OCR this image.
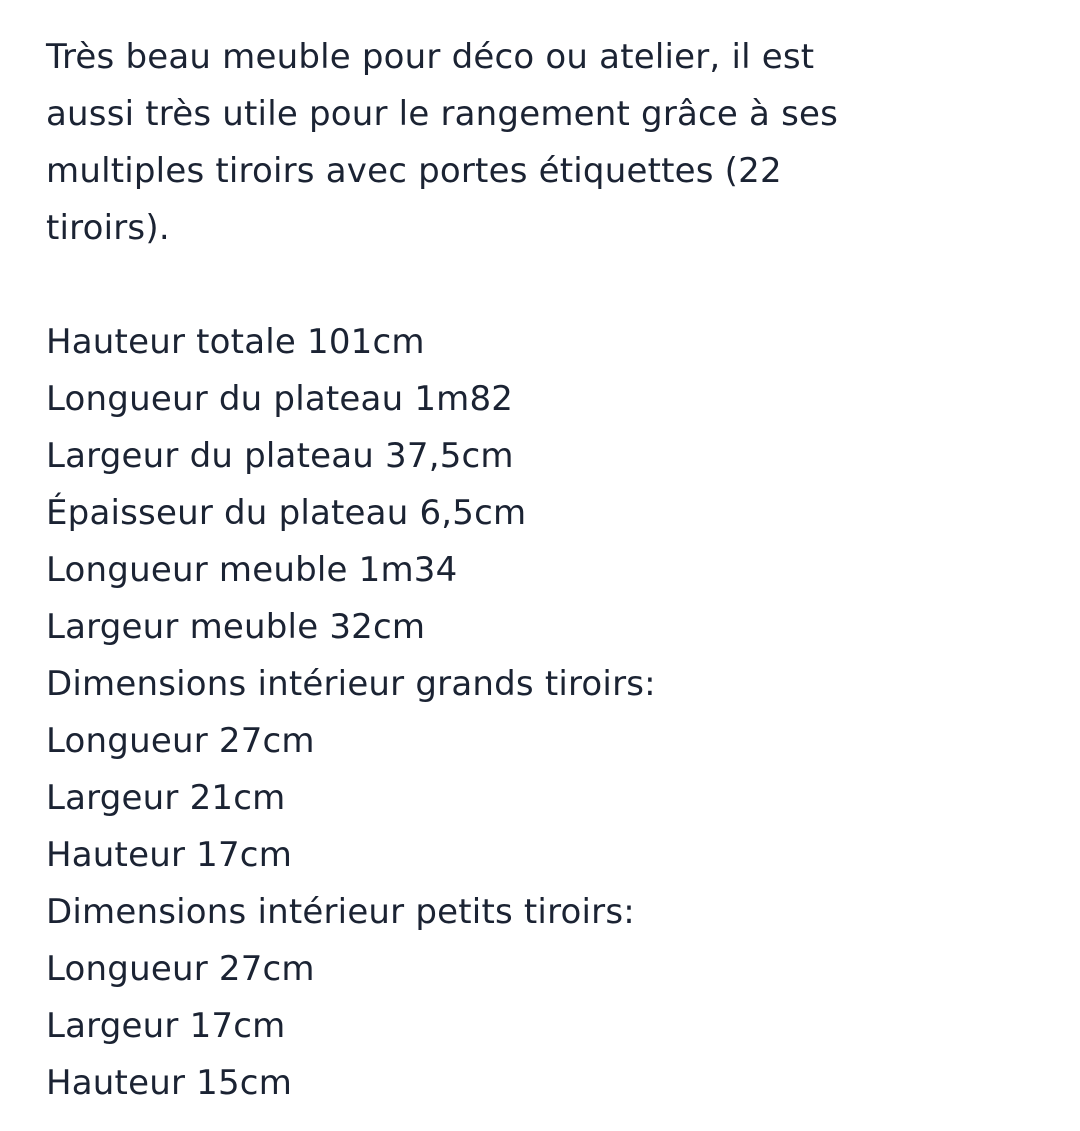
Très beau meuble pour déco ou atelier, il est
aussi très utile pour le rangement grâce à ses
multiples tiroirs avec portes étiquettes (22
tiroirs).
Hauteur totale 101cm
Longueur du plateau 1m82
Largeur du plateau 37,5cm
Épaisseur du plateau 6,5cm
Longueur meuble 1m34
Largeur meuble 32cm
Dimensions intérieur grands tiroirs:
Longueur 27cm
Largeur 21cm
Hauteur 17cm
Dimensions intérieur petits tiroirs:
Longueur 27cm
Largeur 17cm
Hauteur 15cm
